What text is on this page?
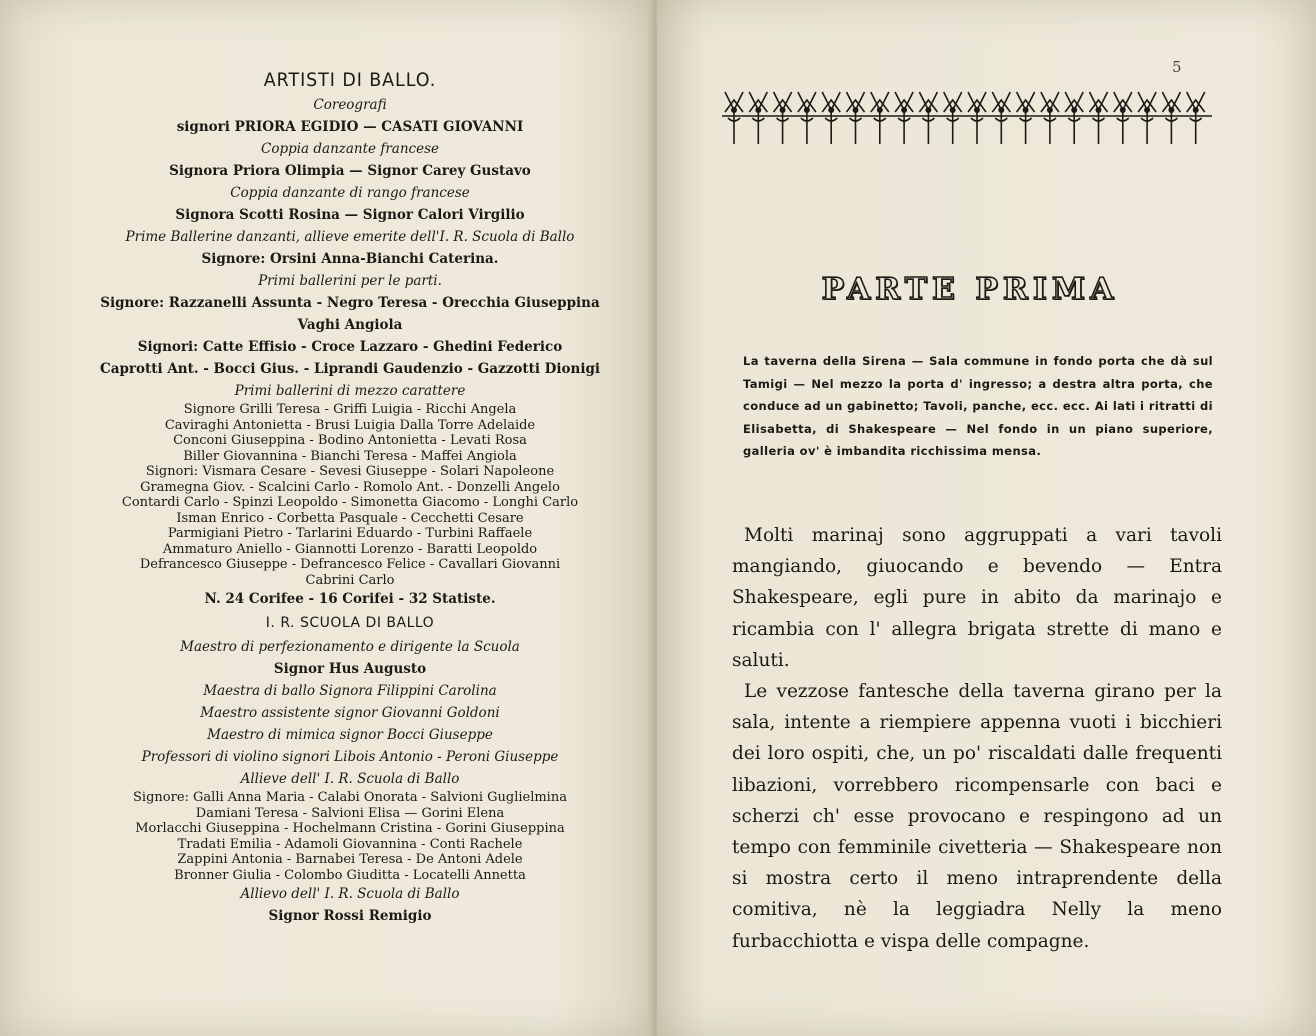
ARTISTI DI BALLO.
Coreografi
signori PRIORA EGIDIO — CASATI GIOVANNI
Coppia danzante francese
Signora Priora Olimpia — Signor Carey Gustavo
Coppia danzante di rango francese
Signora Scotti Rosina — Signor Calori Virgilio
Prime Ballerine danzanti, allieve emerite dell'I. R. Scuola di Ballo
Signore: Orsini Anna-Bianchi Caterina.
Primi ballerini per le parti.
Signore: Razzanelli Assunta - Negro Teresa - Orecchia Giuseppina
Vaghi Angiola
Signori: Catte Effisio - Croce Lazzaro - Ghedini Federico
Caprotti Ant. - Bocci Gius. - Liprandi Gaudenzio - Gazzotti Dionigi
Primi ballerini di mezzo carattere
Signore Grilli Teresa - Griffi Luigia - Ricchi Angela
Caviraghi Antonietta - Brusi Luigia Dalla Torre Adelaide
Conconi Giuseppina - Bodino Antonietta - Levati Rosa
Biller Giovannina - Bianchi Teresa - Maffei Angiola
Signori: Vismara Cesare - Sevesi Giuseppe - Solari Napoleone
Gramegna Giov. - Scalcini Carlo - Romolo Ant. - Donzelli Angelo
Contardi Carlo - Spinzi Leopoldo - Simonetta Giacomo - Longhi Carlo
Isman Enrico - Corbetta Pasquale - Cecchetti Cesare
Parmigiani Pietro - Tarlarini Eduardo - Turbini Raffaele
Ammaturo Aniello - Giannotti Lorenzo - Baratti Leopoldo
Defrancesco Giuseppe - Defrancesco Felice - Cavallari Giovanni
Cabrini Carlo
N. 24 Corifee - 16 Corifei - 32 Statiste.
I. R. SCUOLA DI BALLO
Maestro di perfezionamento e dirigente la Scuola
Signor Hus Augusto
Maestra di ballo Signora Filippini Carolina
Maestro assistente signor Giovanni Goldoni
Maestro di mimica signor Bocci Giuseppe
Professori di violino signori Libois Antonio - Peroni Giuseppe
Allieve dell' I. R. Scuola di Ballo
Signore: Galli Anna Maria - Calabi Onorata - Salvioni Guglielmina
Damiani Teresa - Salvioni Elisa — Gorini Elena
Morlacchi Giuseppina - Hochelmann Cristina - Gorini Giuseppina
Tradati Emilia - Adamoli Giovannina - Conti Rachele
Zappini Antonia - Barnabei Teresa - De Antoni Adele
Bronner Giulia - Colombo Giuditta - Locatelli Annetta
Allievo dell' I. R. Scuola di Ballo
Signor Rossi Remigio
5
PARTE PRIMA
La taverna della Sirena — Sala commune in fondo porta che dà sul Tamigi — Nel mezzo la porta d' ingresso; a destra altra porta, che conduce ad un gabinetto; Tavoli, panche, ecc. ecc. Ai lati i ritratti di Elisabetta, di Shakespeare — Nel fondo in un piano superiore, galleria ov' è imbandita ricchissima mensa.

Molti marinaj sono aggruppati a vari tavoli mangiando, giuocando e bevendo — Entra Shakespeare, egli pure in abito da marinajo e ricambia con l' allegra brigata strette di mano e saluti.

Le vezzose fantesche della taverna girano per la sala, intente a riempiere appenna vuoti i bicchieri dei loro ospiti, che, un po' riscaldati dalle frequenti libazioni, vorrebbero ricompensarle con baci e scherzi ch' esse provocano e respingono ad un tempo con femminile civetteria — Shakespeare non si mostra certo il meno intraprendente della comitiva, nè la leggiadra Nelly la meno furbacchiotta e vispa delle compagne.
